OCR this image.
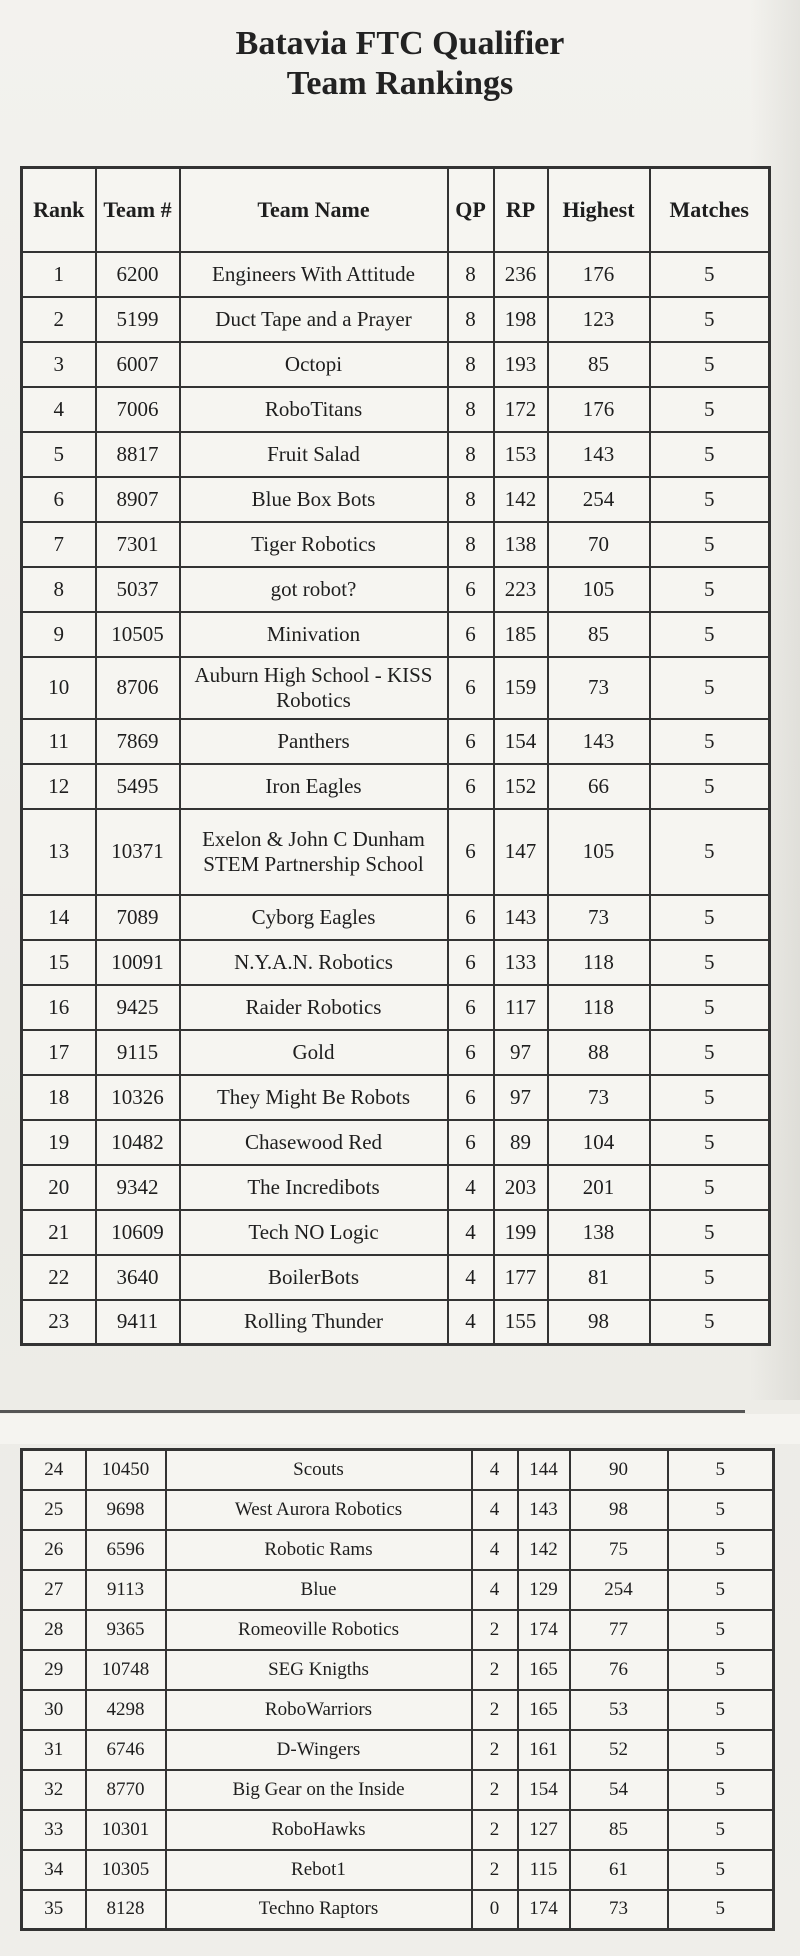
Batavia FTC Qualifier
Team Rankings
Rank	Team #	Team Name	QP	RP	Highest	Matches
1	6200	Engineers With Attitude	8	236	176	5
2	5199	Duct Tape and a Prayer	8	198	123	5
3	6007	Octopi	8	193	85	5
4	7006	RoboTitans	8	172	176	5
5	8817	Fruit Salad	8	153	143	5
6	8907	Blue Box Bots	8	142	254	5
7	7301	Tiger Robotics	8	138	70	5
8	5037	got robot?	6	223	105	5
9	10505	Minivation	6	185	85	5
10	8706	Auburn High School - KISS Robotics	6	159	73	5
11	7869	Panthers	6	154	143	5
12	5495	Iron Eagles	6	152	66	5
13	10371	Exelon & John C Dunham STEM Partnership School	6	147	105	5
14	7089	Cyborg Eagles	6	143	73	5
15	10091	N.Y.A.N. Robotics	6	133	118	5
16	9425	Raider Robotics	6	117	118	5
17	9115	Gold	6	97	88	5
18	10326	They Might Be Robots	6	97	73	5
19	10482	Chasewood Red	6	89	104	5
20	9342	The Incredibots	4	203	201	5
21	10609	Tech NO Logic	4	199	138	5
22	3640	BoilerBots	4	177	81	5
23	9411	Rolling Thunder	4	155	98	5
24	10450	Scouts	4	144	90	5
25	9698	West Aurora Robotics	4	143	98	5
26	6596	Robotic Rams	4	142	75	5
27	9113	Blue	4	129	254	5
28	9365	Romeoville Robotics	2	174	77	5
29	10748	SEG Knigths	2	165	76	5
30	4298	RoboWarriors	2	165	53	5
31	6746	D-Wingers	2	161	52	5
32	8770	Big Gear on the Inside	2	154	54	5
33	10301	RoboHawks	2	127	85	5
34	10305	Rebot1	2	115	61	5
35	8128	Techno Raptors	0	174	73	5
